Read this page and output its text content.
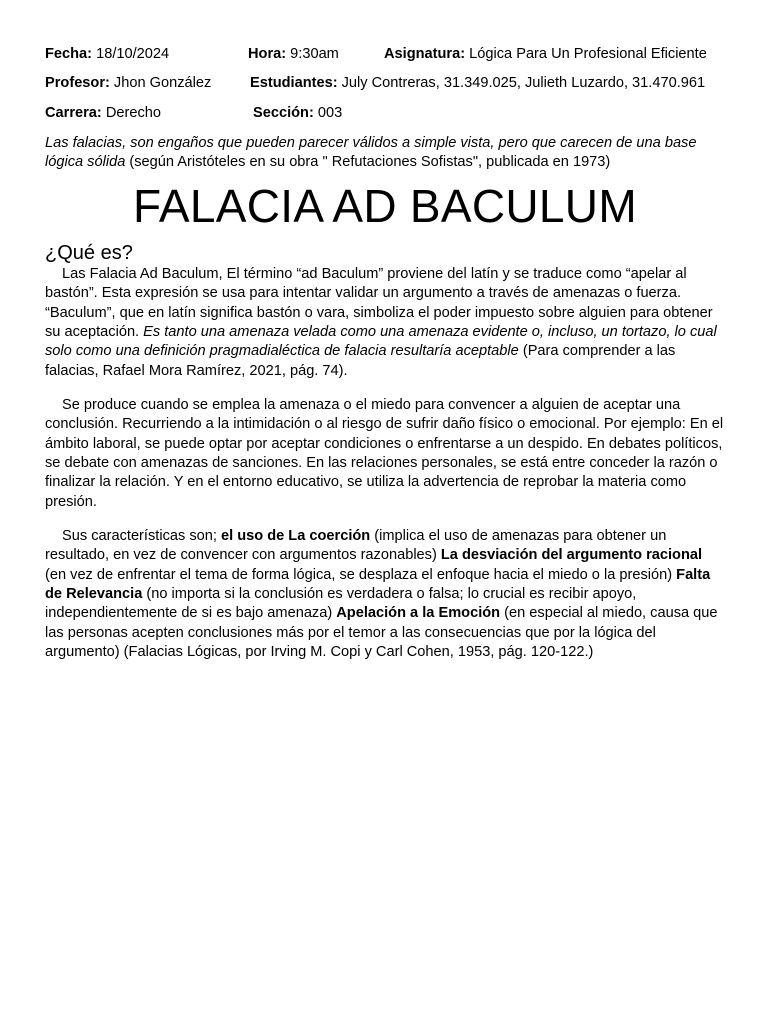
Fecha: 18/10/2024	Hora: 9:30am	Asignatura: Lógica Para Un Profesional Eficiente
Profesor: Jhon González	Estudiantes: July Contreras, 31.349.025, Julieth Luzardo, 31.470.961
Carrera: Derecho	Sección: 003
Las falacias, son engaños que pueden parecer válidos a simple vista, pero que carecen de una base lógica sólida (según Aristóteles en su obra " Refutaciones Sofistas", publicada en 1973)
FALACIA AD BACULUM
¿Qué es?

Las Falacia Ad Baculum, El término “ad Baculum” proviene del latín y se traduce como “apelar al bastón”. Esta expresión se usa para intentar validar un argumento a través de amenazas o fuerza. “Baculum”, que en latín significa bastón o vara, simboliza el poder impuesto sobre alguien para obtener su aceptación. Es tanto una amenaza velada como una amenaza evidente o, incluso, un tortazo, lo cual solo como una definición pragmadialéctica de falacia resultaría aceptable (Para comprender a las falacias, Rafael Mora Ramírez, 2021, pág. 74).

Se produce cuando se emplea la amenaza o el miedo para convencer a alguien de aceptar una conclusión. Recurriendo a la intimidación o al riesgo de sufrir daño físico o emocional. Por ejemplo: En el ámbito laboral, se puede optar por aceptar condiciones o enfrentarse a un despido. En debates políticos, se debate con amenazas de sanciones. En las relaciones personales, se está entre conceder la razón o finalizar la relación. Y en el entorno educativo, se utiliza la advertencia de reprobar la materia como presión.

Sus características son; el uso de La coerción (implica el uso de amenazas para obtener un resultado, en vez de convencer con argumentos razonables) La desviación del argumento racional (en vez de enfrentar el tema de forma lógica, se desplaza el enfoque hacia el miedo o la presión) Falta de Relevancia (no importa si la conclusión es verdadera o falsa; lo crucial es recibir apoyo, independientemente de si es bajo amenaza) Apelación a la Emoción (en especial al miedo, causa que las personas acepten conclusiones más por el temor a las consecuencias que por la lógica del argumento) (Falacias Lógicas, por Irving M. Copi y Carl Cohen, 1953, pág. 120-122.)
